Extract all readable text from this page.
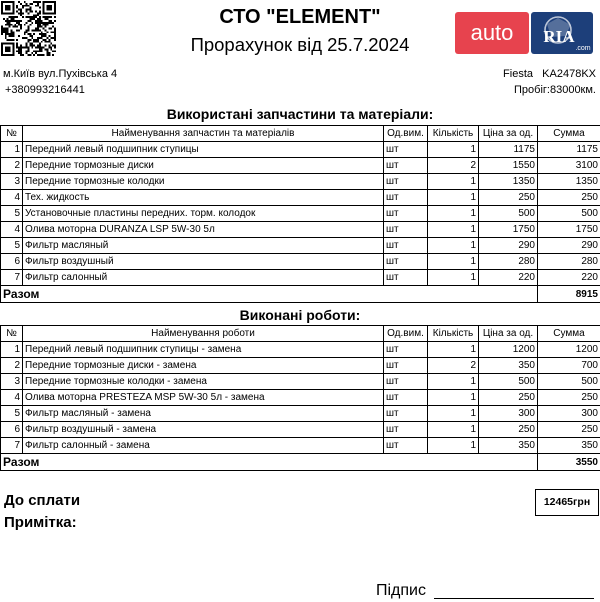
СТО "ELEMENT"
Прорахунок від 25.7.2024	auto RIA
.com
м.Київ вул.Пухівська 4
+380993216441
Fiesta   KA2478KX
Пробіг:83000км.
Використані запчастини та матеріали:
№	Найменування запчастин та матеріалів	Од.вим.	Кількість	Ціна за од.	Сумма
1	Передний левый подшипник ступицы	шт	1	1175	1175
2	Передние тормозные диски	шт	2	1550	3100
3	Передние тормозные колодки	шт	1	1350	1350
4	Тех. жидкость	шт	1	250	250
5	Установочные пластины передних. торм. колодок	шт	1	500	500
4	Олива моторна DURANZA LSP 5W-30 5л	шт	1	1750	1750
5	Фильтр масляный	шт	1	290	290
6	Фильтр воздушный	шт	1	280	280
7	Фильтр салонный	шт	1	220	220
Разом					8915
Виконані роботи:
№	Найменування роботи	Од.вим.	Кількість	Ціна за од.	Сумма
1	Передний левый подшипник ступицы - замена	шт	1	1200	1200
2	Передние тормозные диски - замена	шт	2	350	700
3	Передние тормозные колодки - замена	шт	1	500	500
4	Олива моторна PRESTEZA MSP 5W-30 5л - замена	шт	1	250	250
5	Фильтр масляный - замена	шт	1	300	300
6	Фильтр воздушный - замена	шт	1	250	250
7	Фильтр салонный - замена	шт	1	350	350
Разом					3550
До сплати	12465грн
Примітка:
Підпис
